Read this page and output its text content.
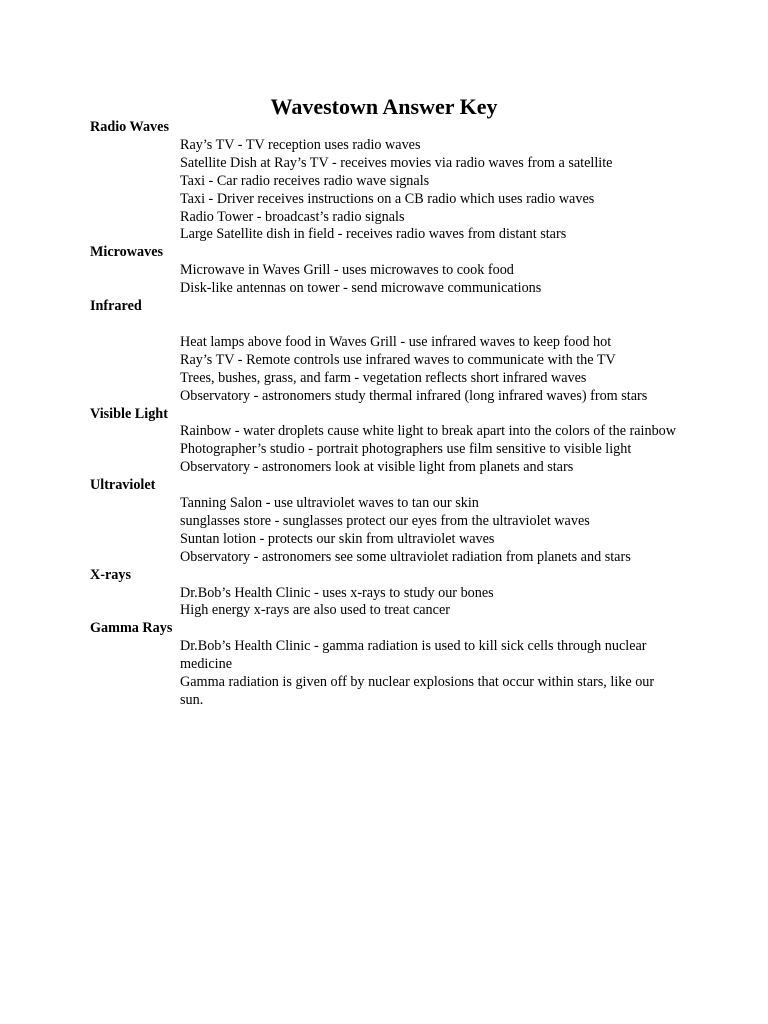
Wavestown Answer Key
Radio Waves
Ray’s TV - TV reception uses radio waves
Satellite Dish at Ray’s TV - receives movies via radio waves from a satellite
Taxi - Car radio receives radio wave signals
Taxi - Driver receives instructions on a CB radio which uses radio waves
Radio Tower - broadcast’s radio signals
Large Satellite dish in field - receives radio waves from distant stars
Microwaves
Microwave in Waves Grill - uses microwaves to cook food
Disk-like antennas on tower - send microwave communications
Infrared

Heat lamps above food in Waves Grill - use infrared waves to keep food hot
Ray’s TV - Remote controls use infrared waves to communicate with the TV
Trees, bushes, grass, and farm - vegetation reflects short infrared waves
Observatory - astronomers study thermal infrared (long infrared waves) from stars
Visible Light
Rainbow - water droplets cause white light to break apart into the colors of the rainbow
Photographer’s studio - portrait photographers use film sensitive to visible light
Observatory - astronomers look at visible light from planets and stars
Ultraviolet
Tanning Salon - use ultraviolet waves to tan our skin
sunglasses store - sunglasses protect our eyes from the ultraviolet waves
Suntan lotion - protects our skin from ultraviolet waves
Observatory - astronomers see some ultraviolet radiation from planets and stars
X-rays
Dr.Bob’s Health Clinic - uses x-rays to study our bones
High energy x-rays are also used to treat cancer
Gamma Rays
Dr.Bob’s Health Clinic - gamma radiation is used to kill sick cells through nuclear medicine
Gamma radiation is given off by nuclear explosions that occur within stars, like our sun.
